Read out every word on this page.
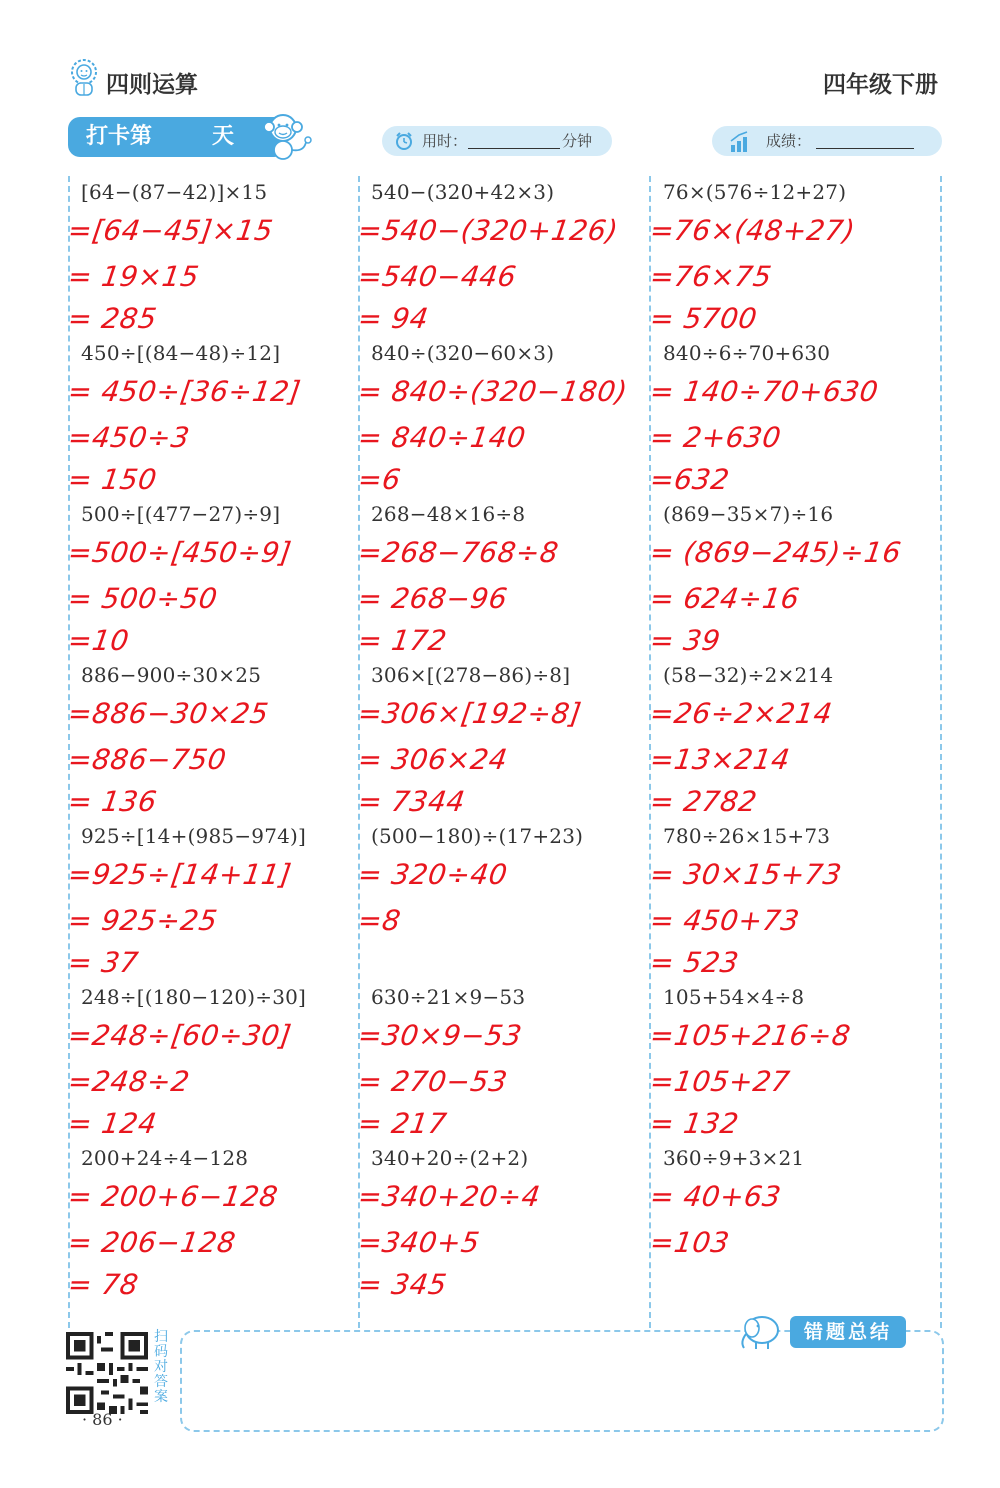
四则运算	四年级下册
打卡第	天	用时：	分钟	成绩：
[64−(87−42)]×15
=[64−45]×15
= 19×15
= 285
450÷[(84−48)÷12]
= 450÷[36÷12]
=450÷3
= 150
500÷[(477−27)÷9]
=500÷[450÷9]
= 500÷50
=10
886−900÷30×25
=886−30×25
=886−750
= 136
925÷[14+(985−974)]
=925÷[14+11]
= 925÷25
= 37
248÷[(180−120)÷30]
=248÷[60÷30]
=248÷2
= 124
200+24÷4−128
= 200+6−128
= 206−128
= 78
540−(320+42×3)
=540−(320+126)
=540−446
= 94
840÷(320−60×3)
= 840÷(320−180)
= 840÷140
=6
268−48×16÷8
=268−768÷8
= 268−96
= 172
306×[(278−86)÷8]
=306×[192÷8]
= 306×24
= 7344
(500−180)÷(17+23)
= 320÷40
=8
630÷21×9−53
=30×9−53
= 270−53
= 217
340+20÷(2+2)
=340+20÷4
=340+5
= 345
76×(576÷12+27)
=76×(48+27)
=76×75
= 5700
840÷6÷70+630
= 140÷70+630
= 2+630
=632
(869−35×7)÷16
= (869−245)÷16
= 624÷16
= 39
(58−32)÷2×214
=26÷2×214
=13×214
= 2782
780÷26×15+73
= 30×15+73
= 450+73
= 523
105+54×4÷8
=105+216÷8
=105+27
= 132
360÷9+3×21
= 40+63
=103
错题总结
扫码对答案
· 86 ·
